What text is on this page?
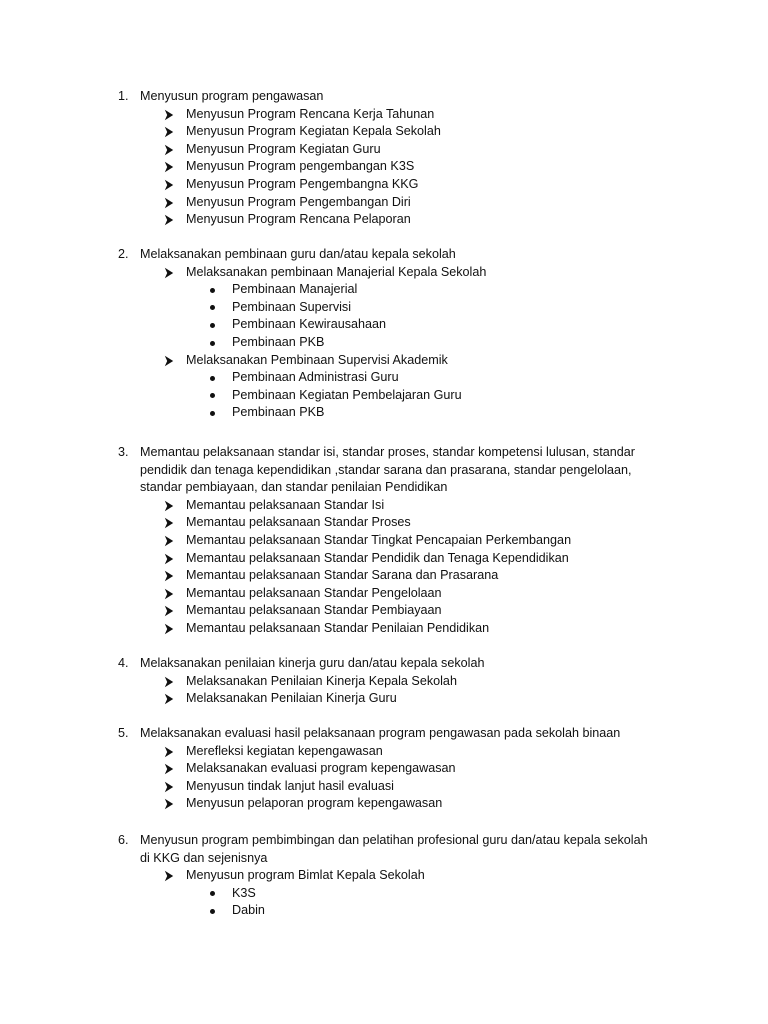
1. Menyusun program pengawasan
Menyusun Program Rencana Kerja Tahunan
Menyusun Program Kegiatan Kepala Sekolah
Menyusun Program Kegiatan Guru
Menyusun Program pengembangan K3S
Menyusun Program Pengembangna KKG
Menyusun Program Pengembangan Diri
Menyusun Program Rencana Pelaporan
2. Melaksanakan pembinaan guru dan/atau kepala sekolah
Melaksanakan pembinaan Manajerial Kepala Sekolah
Pembinaan Manajerial
Pembinaan Supervisi
Pembinaan Kewirausahaan
Pembinaan PKB
Melaksanakan Pembinaan Supervisi Akademik
Pembinaan Administrasi Guru
Pembinaan Kegiatan Pembelajaran Guru
Pembinaan PKB
3. Memantau pelaksanaan standar isi, standar proses, standar kompetensi lulusan, standar
pendidik dan tenaga kependidikan ,standar sarana dan prasarana, standar pengelolaan,
standar pembiayaan, dan standar penilaian Pendidikan
Memantau pelaksanaan Standar Isi
Memantau pelaksanaan Standar Proses
Memantau pelaksanaan Standar Tingkat Pencapaian Perkembangan
Memantau pelaksanaan Standar Pendidik dan Tenaga Kependidikan
Memantau pelaksanaan Standar Sarana dan Prasarana
Memantau pelaksanaan Standar Pengelolaan
Memantau pelaksanaan Standar Pembiayaan
Memantau pelaksanaan Standar Penilaian Pendidikan
4. Melaksanakan penilaian kinerja guru dan/atau kepala sekolah
Melaksanakan Penilaian Kinerja Kepala Sekolah
Melaksanakan Penilaian Kinerja Guru
5. Melaksanakan evaluasi hasil pelaksanaan program pengawasan pada sekolah binaan
Merefleksi kegiatan kepengawasan
Melaksanakan evaluasi program kepengawasan
Menyusun tindak lanjut hasil evaluasi
Menyusun pelaporan program kepengawasan
6. Menyusun program pembimbingan dan pelatihan profesional guru dan/atau kepala sekolah
di KKG dan sejenisnya
Menyusun program Bimlat Kepala Sekolah
K3S
Dabin
